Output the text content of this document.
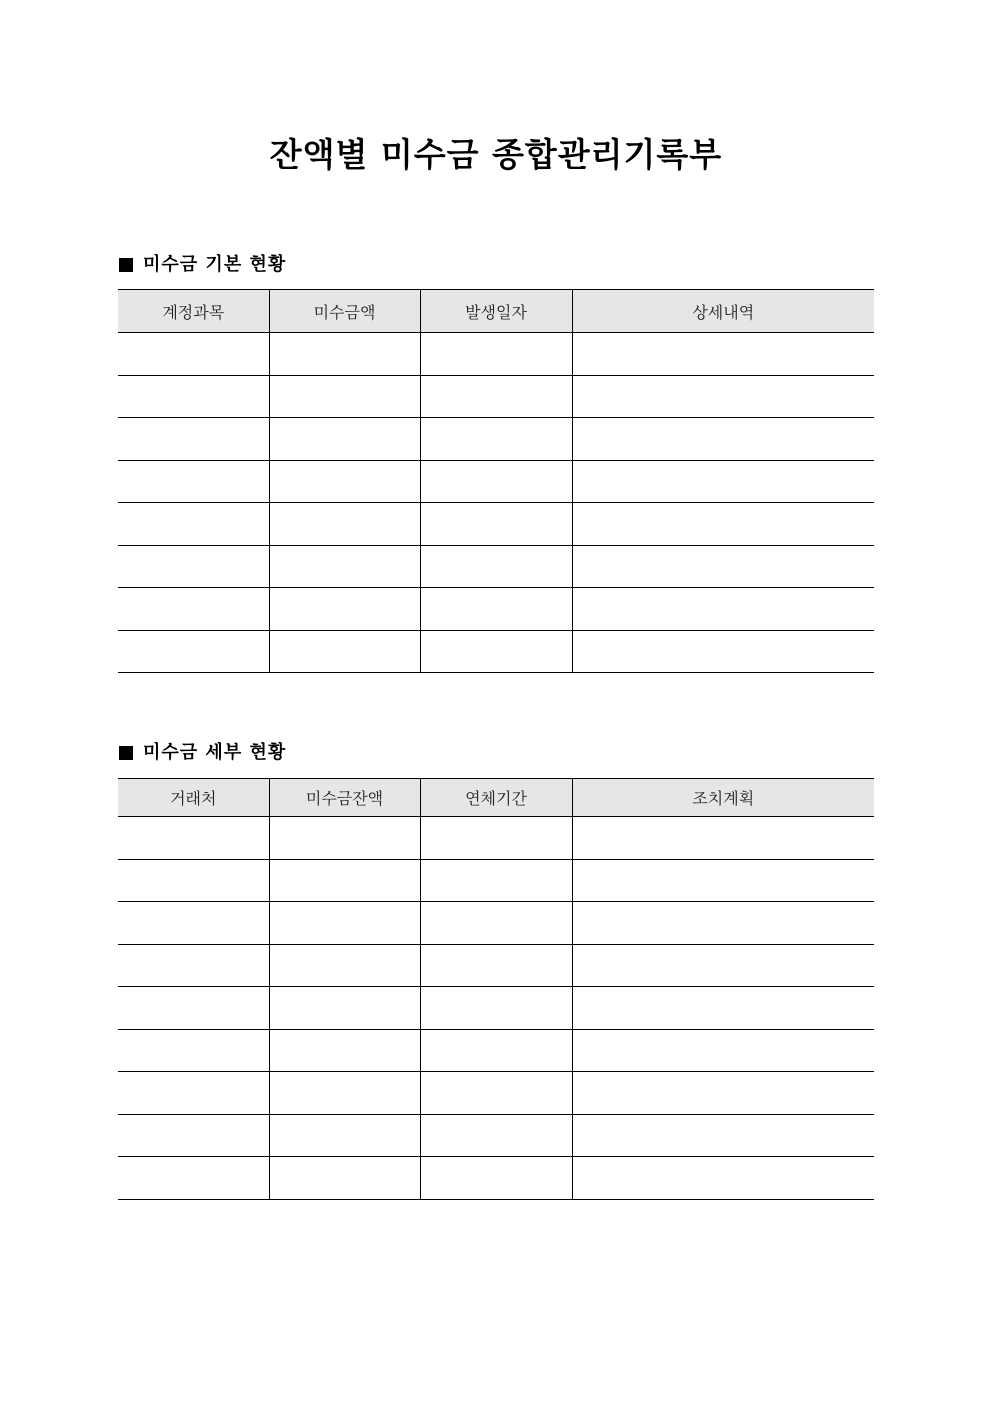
잔액별 미수금 종합관리기록부
미수금 기본 현황
계정과목	미수금액	발생일자	상세내역

미수금 세부 현황
거래처	미수금잔액	연체기간	조치계획
